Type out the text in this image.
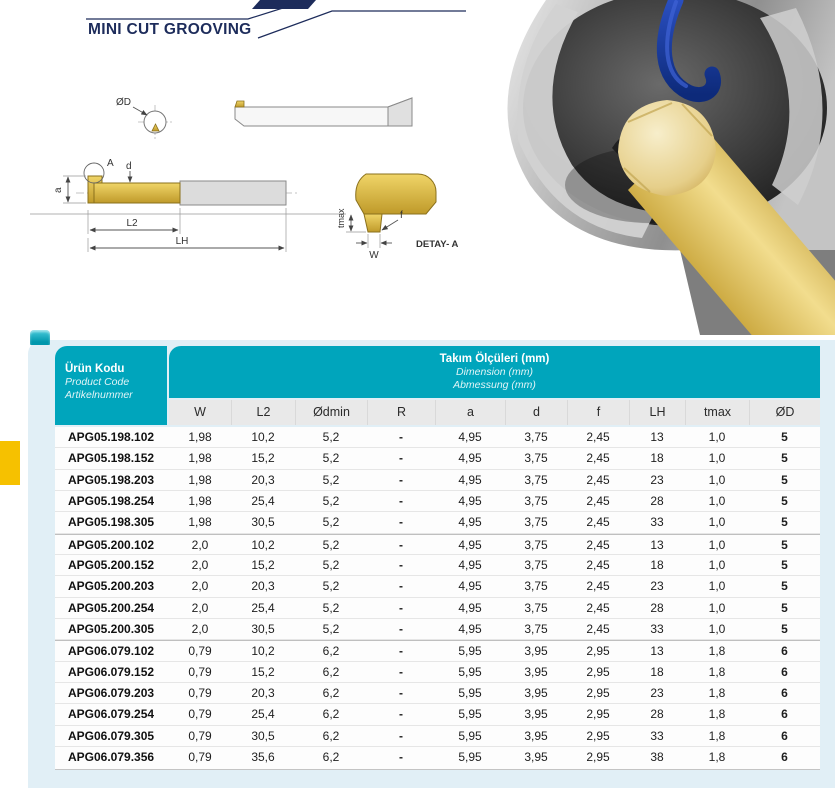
MINI CUT GROOVING
ØD
A
a
d
L2
LH
tmax
W
f
DETAY- A
Ürün Kodu
Product Code
Artikelnummer
Takım Ölçüleri (mm)
Dimension (mm)
Abmessung (mm)
W	L2	Ødmin	R	a	d	f	LH	tmax	ØD
APG05.198.102	1,98	10,2	5,2	-	4,95	3,75	2,45	13	1,0	5
APG05.198.152	1,98	15,2	5,2	-	4,95	3,75	2,45	18	1,0	5
APG05.198.203	1,98	20,3	5,2	-	4,95	3,75	2,45	23	1,0	5
APG05.198.254	1,98	25,4	5,2	-	4,95	3,75	2,45	28	1,0	5
APG05.198.305	1,98	30,5	5,2	-	4,95	3,75	2,45	33	1,0	5
APG05.200.102	2,0	10,2	5,2	-	4,95	3,75	2,45	13	1,0	5
APG05.200.152	2,0	15,2	5,2	-	4,95	3,75	2,45	18	1,0	5
APG05.200.203	2,0	20,3	5,2	-	4,95	3,75	2,45	23	1,0	5
APG05.200.254	2,0	25,4	5,2	-	4,95	3,75	2,45	28	1,0	5
APG05.200.305	2,0	30,5	5,2	-	4,95	3,75	2,45	33	1,0	5
APG06.079.102	0,79	10,2	6,2	-	5,95	3,95	2,95	13	1,8	6
APG06.079.152	0,79	15,2	6,2	-	5,95	3,95	2,95	18	1,8	6
APG06.079.203	0,79	20,3	6,2	-	5,95	3,95	2,95	23	1,8	6
APG06.079.254	0,79	25,4	6,2	-	5,95	3,95	2,95	28	1,8	6
APG06.079.305	0,79	30,5	6,2	-	5,95	3,95	2,95	33	1,8	6
APG06.079.356	0,79	35,6	6,2	-	5,95	3,95	2,95	38	1,8	6
